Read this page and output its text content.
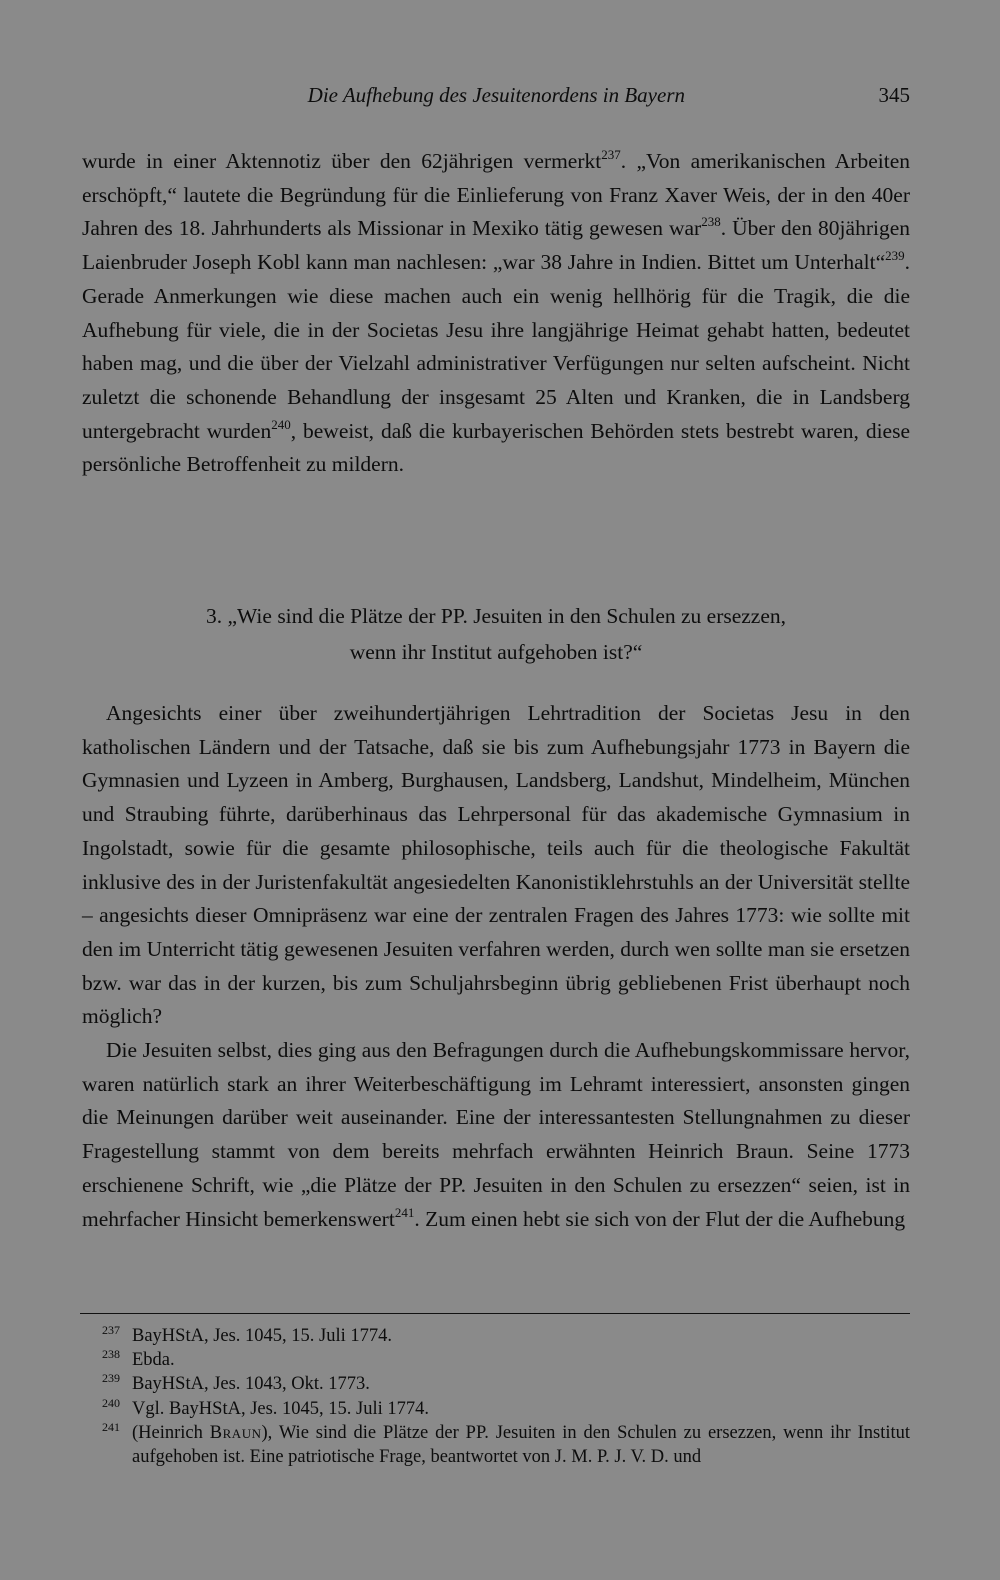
Die Aufhebung des Jesuitenordens in Bayern	345

wurde in einer Aktennotiz über den 62jährigen vermerkt$^{237}$. „Von amerikanischen Arbeiten erschöpft,“ lautete die Begründung für die Einlieferung von Franz Xaver Weis, der in den 40er Jahren des 18. Jahrhunderts als Missionar in Mexiko tätig gewesen war$^{238}$. Über den 80jährigen Laienbruder Joseph Kobl kann man nachlesen: „war 38 Jahre in Indien. Bittet um Unterhalt“$^{239}$. Gerade Anmerkungen wie diese machen auch ein wenig hellhörig für die Tragik, die die Aufhebung für viele, die in der Societas Jesu ihre langjährige Heimat gehabt hatten, bedeutet haben mag, und die über der Vielzahl administrativer Verfügungen nur selten aufscheint. Nicht zuletzt die schonende Behandlung der insgesamt 25 Alten und Kranken, die in Landsberg untergebracht wurden$^{240}$, beweist, daß die kurbayerischen Behörden stets bestrebt waren, diese persönliche Betroffenheit zu mildern.

3. „Wie sind die Plätze der PP. Jesuiten in den Schulen zu ersezzen,
wenn ihr Institut aufgehoben ist?“

Angesichts einer über zweihundertjährigen Lehrtradition der Societas Jesu in den katholischen Ländern und der Tatsache, daß sie bis zum Aufhebungsjahr 1773 in Bayern die Gymnasien und Lyzeen in Amberg, Burghausen, Landsberg, Landshut, Mindelheim, München und Straubing führte, darüberhinaus das Lehrpersonal für das akademische Gymnasium in Ingolstadt, sowie für die gesamte philosophische, teils auch für die theologische Fakultät inklusive des in der Juristenfakultät angesiedelten Kanonistiklehrstuhls an der Universität stellte – angesichts dieser Omnipräsenz war eine der zentralen Fragen des Jahres 1773: wie sollte mit den im Unterricht tätig gewesenen Jesuiten verfahren werden, durch wen sollte man sie ersetzen bzw. war das in der kurzen, bis zum Schuljahrsbeginn übrig gebliebenen Frist überhaupt noch möglich?

Die Jesuiten selbst, dies ging aus den Befragungen durch die Aufhebungskommissare hervor, waren natürlich stark an ihrer Weiterbeschäftigung im Lehramt interessiert, ansonsten gingen die Meinungen darüber weit auseinander. Eine der interessantesten Stellungnahmen zu dieser Fragestellung stammt von dem bereits mehrfach erwähnten Heinrich Braun. Seine 1773 erschienene Schrift, wie „die Plätze der PP. Jesuiten in den Schulen zu ersezzen“ seien, ist in mehrfacher Hinsicht bemerkenswert$^{241}$. Zum einen hebt sie sich von der Flut der die Aufhebung

237 BayHStA, Jes. 1045, 15. Juli 1774.
238 Ebda.
239 BayHStA, Jes. 1043, Okt. 1773.
240 Vgl. BayHStA, Jes. 1045, 15. Juli 1774.
241 (Heinrich Braun), Wie sind die Plätze der PP. Jesuiten in den Schulen zu ersezzen, wenn ihr Institut aufgehoben ist. Eine patriotische Frage, beantwortet von J. M. P. J. V. D. und
